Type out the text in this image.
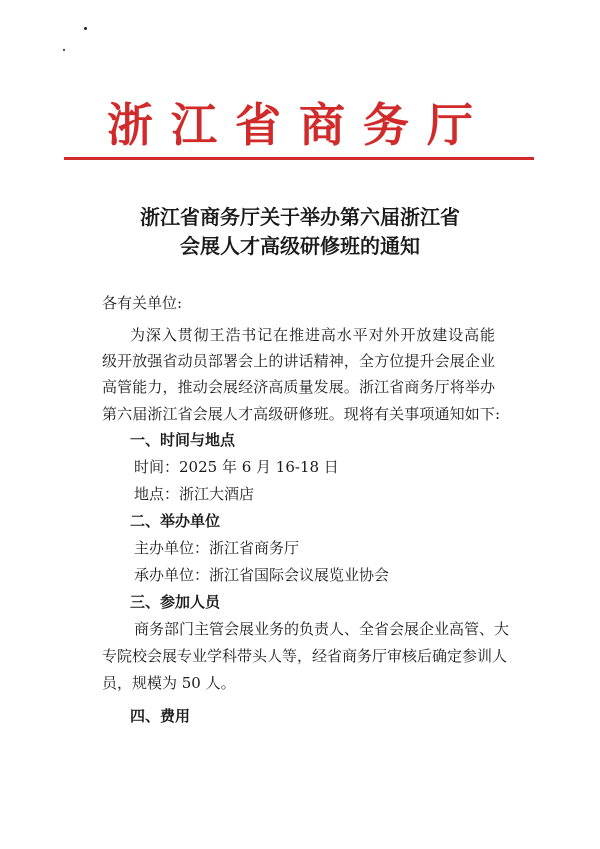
浙江省商务厅
浙江省商务厅关于举办第六届浙江省
会展人才高级研修班的通知
各有关单位:
为深入贯彻王浩书记在推进高水平对外开放建设高能
级开放强省动员部署会上的讲话精神，全方位提升会展企业
高管能力，推动会展经济高质量发展。浙江省商务厅将举办
第六届浙江省会展人才高级研修班。现将有关事项通知如下:
一、时间与地点
时间：2025 年 6 月 16-18 日
地点：浙江大酒店
二、举办单位
主办单位：浙江省商务厅
承办单位：浙江省国际会议展览业协会
三、参加人员
商务部门主管会展业务的负责人、全省会展企业高管、大
专院校会展专业学科带头人等，经省商务厅审核后确定参训人
员，规模为 50 人。
四、费用
